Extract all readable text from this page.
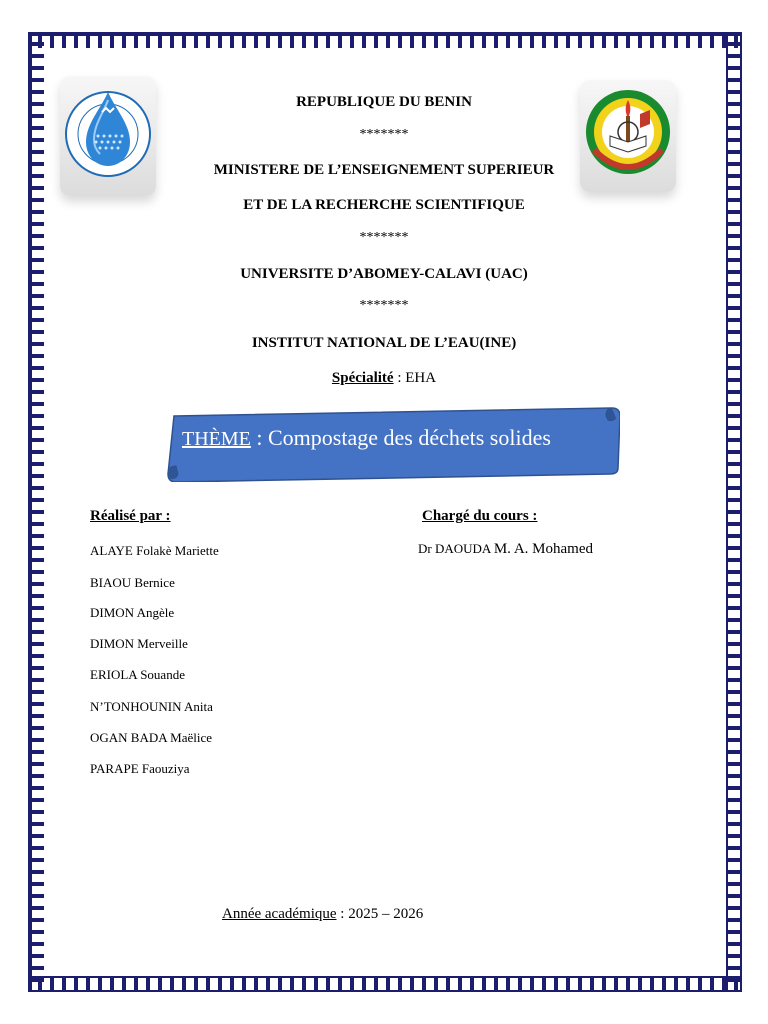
REPUBLIQUE DU BENIN
*******
MINISTERE DE L’ENSEIGNEMENT SUPERIEUR
ET DE LA RECHERCHE SCIENTIFIQUE
*******
UNIVERSITE D’ABOMEY-CALAVI (UAC)
*******
INSTITUT NATIONAL DE L’EAU(INE)
Spécialité : EHA
THÈME : Compostage des déchets solides
Réalisé par :	Chargé du cours :
ALAYE Folakè Mariette
BIAOU Bernice
DIMON Angèle
DIMON Merveille
ERIOLA Souande
N’TONHOUNIN Anita
OGAN BADA Maëlice
PARAPE Faouziya
Dr DAOUDA M. A. Mohamed
Année académique : 2025 – 2026
